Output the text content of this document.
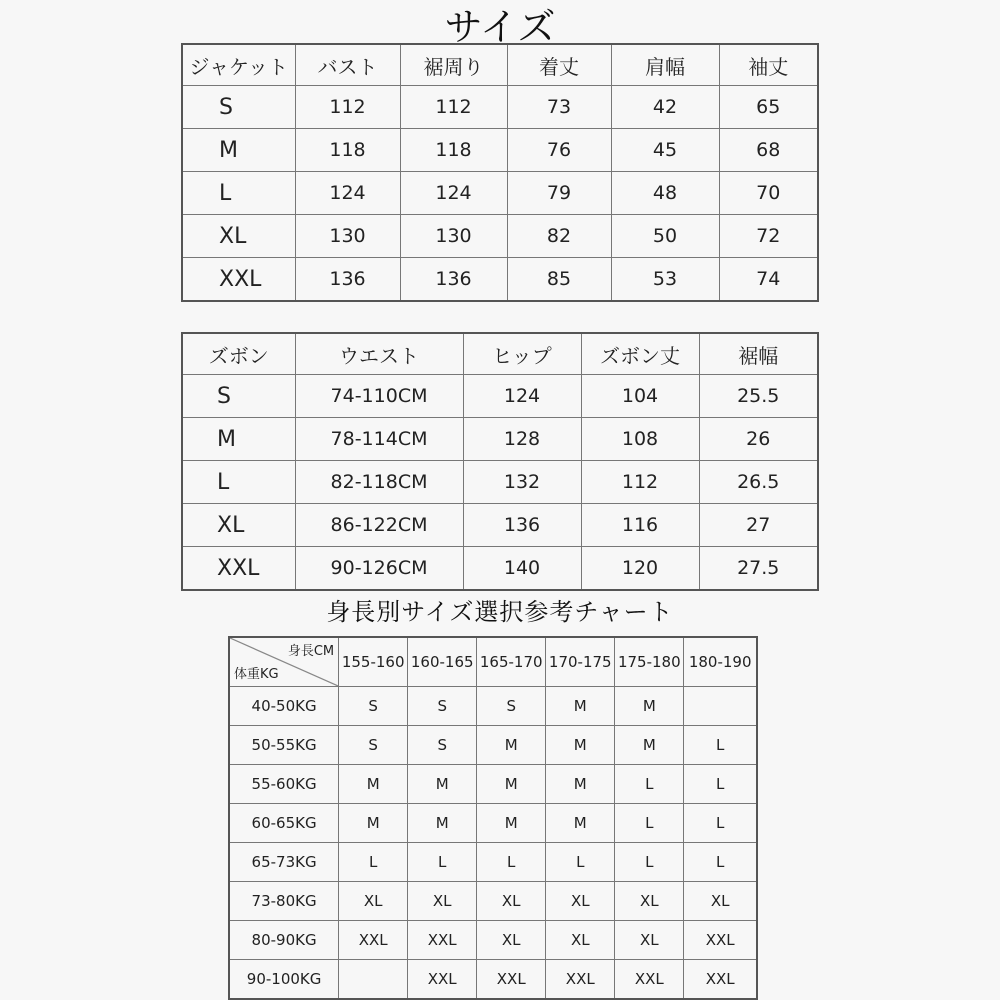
サイズ
ジャケット	バスト	裾周り	着丈	肩幅	袖丈
S	112	112	73	42	65
M	118	118	76	45	68
L	124	124	79	48	70
XL	130	130	82	50	72
XXL	136	136	85	53	74
ズボン	ウエスト	ヒップ	ズボン丈	裾幅
S	74-110CM	124	104	25.5
M	78-114CM	128	108	26
L	82-118CM	132	112	26.5
XL	86-122CM	136	116	27
XXL	90-126CM	140	120	27.5
身長別サイズ選択参考チャート
身長CM
体重KG	155-160	160-165	165-170	170-175	175-180	180-190
40-50KG	S	S	S	M	M	
50-55KG	S	S	M	M	M	L
55-60KG	M	M	M	M	L	L
60-65KG	M	M	M	M	L	L
65-73KG	L	L	L	L	L	L
73-80KG	XL	XL	XL	XL	XL	XL
80-90KG	XXL	XXL	XL	XL	XL	XXL
90-100KG		XXL	XXL	XXL	XXL	XXL
